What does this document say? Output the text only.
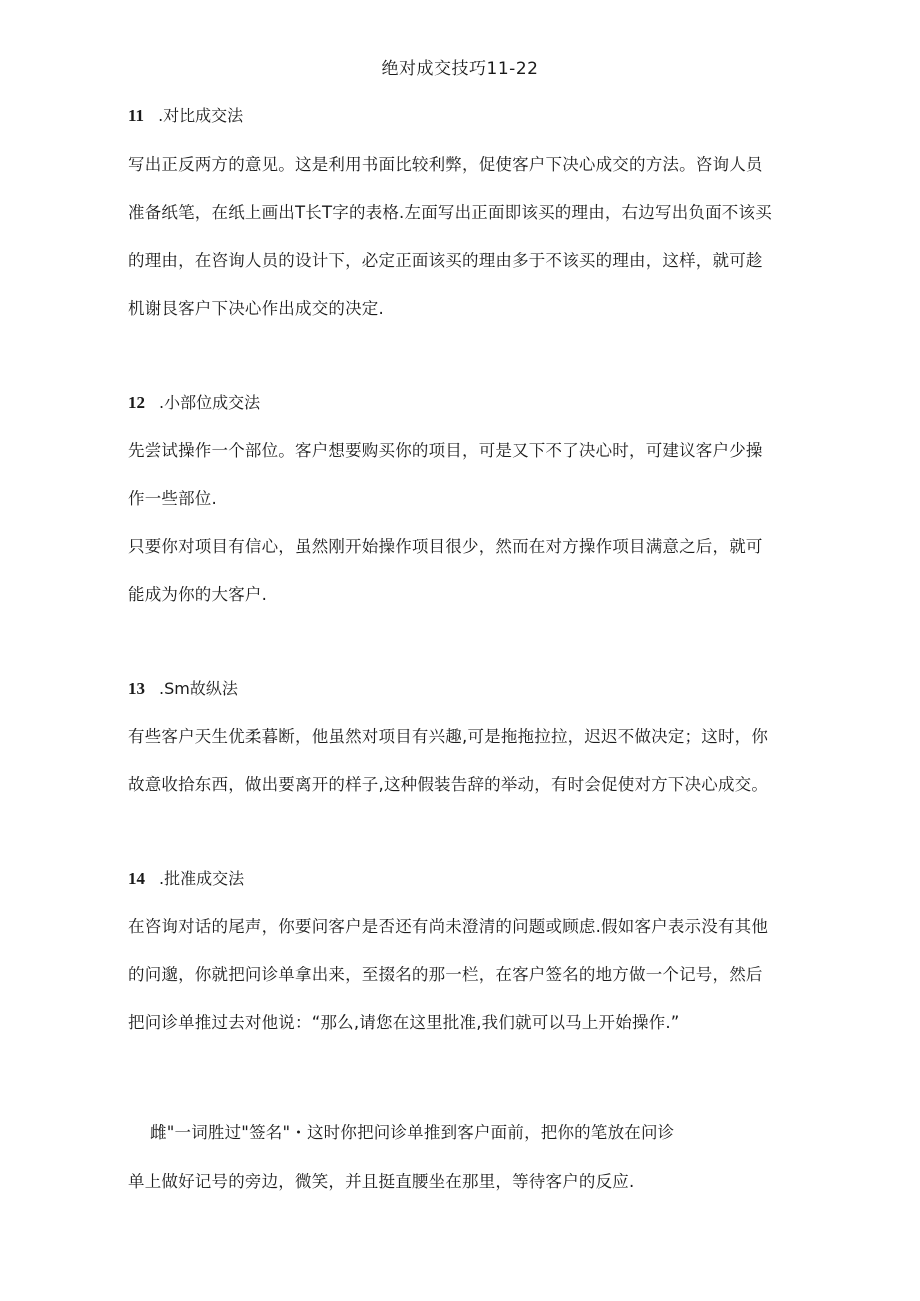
绝对成交技巧11-22
11 .对比成交法
写出正反两方的意见。这是利用书面比较利弊，促使客户下决心成交的方法。咨询人员
准备纸笔，在纸上画出T长T字的表格.左面写出正面即该买的理由，右边写出负面不该买
的理由，在咨询人员的设计下，必定正面该买的理由多于不该买的理由，这样，就可趁
机谢艮客户下决心作出成交的决定.
12 .小部位成交法
先尝试操作一个部位。客户想要购买你的项目，可是又下不了决心时，可建议客户少操
作一些部位.
只要你对项目有信心，虽然刚开始操作项目很少，然而在对方操作项目满意之后，就可
能成为你的大客户.
13 .Sm故纵法
有些客户天生优柔暮断，他虽然对项目有兴趣,可是拖拖拉拉，迟迟不做决定；这时，你
故意收拾东西，做出要离开的样子,这种假装告辞的举动，有时会促使对方下决心成交。
14 .批准成交法
在咨询对话的尾声，你要问客户是否还有尚未澄清的问题或顾虑.假如客户表示没有其他
的问邈，你就把问诊单拿出来，至掇名的那一栏，在客户签名的地方做一个记号，然后
把问诊单推过去对他说：“那么,请您在这里批准,我们就可以马上开始操作.”
雌"一词胜过"签名"・这时你把问诊单推到客户面前，把你的笔放在问诊
单上做好记号的旁边，微笑，并且挺直腰坐在那里，等待客户的反应.
